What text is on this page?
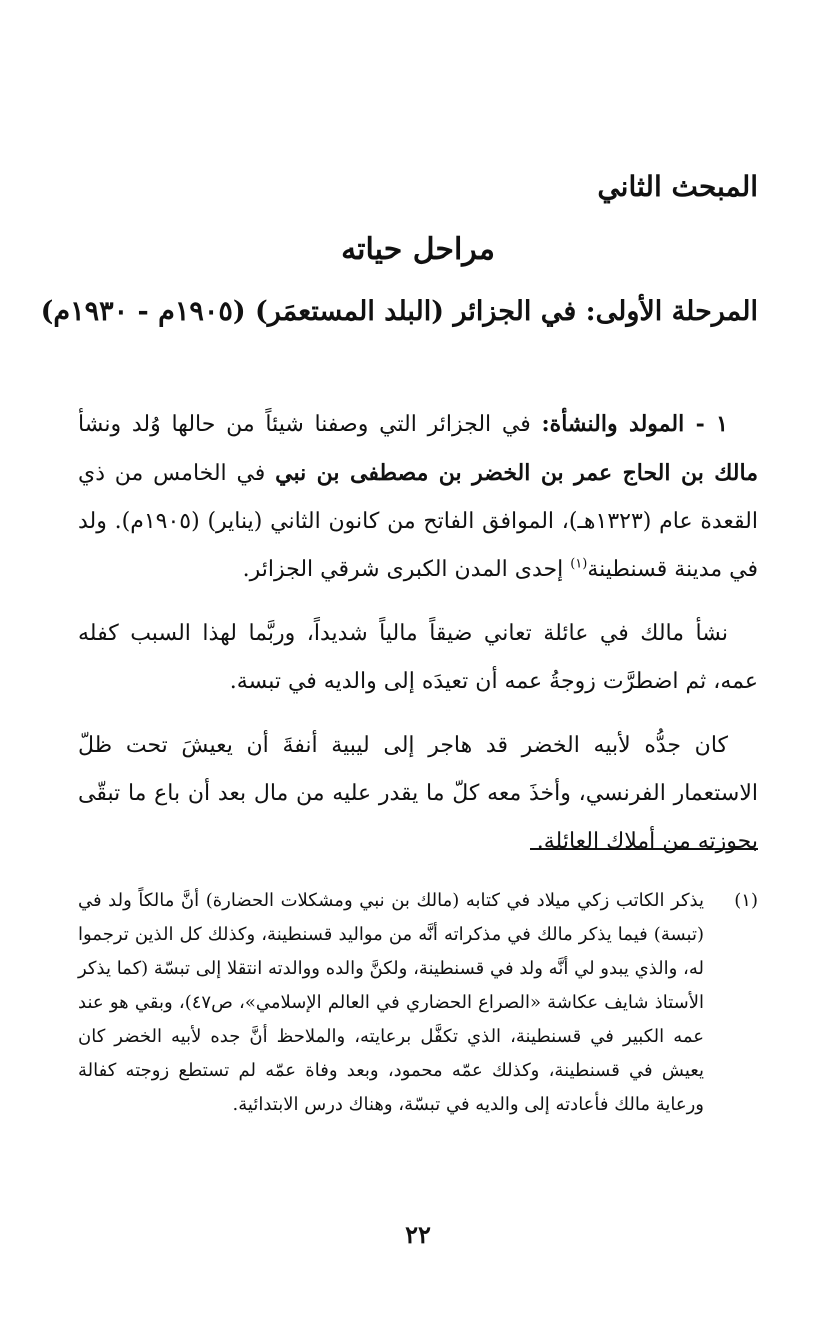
المبحث الثاني
مراحل حياته
المرحلة الأولى: في الجزائر (البلد المستعمَر) (١٩٠٥م - ١٩٣٠م)

١ - المولد والنشأة: في الجزائر التي وصفنا شيئاً من حالها وُلد ونشأ مالك بن الحاج عمر بن الخضر بن مصطفى بن نبي في الخامس من ذي القعدة عام (١٣٢٣هـ)، الموافق الفاتح من كانون الثاني (يناير) (١٩٠٥م). ولد في مدينة قسنطينة$^{(١)}$ إحدى المدن الكبرى شرقي الجزائر.

نشأ مالك في عائلة تعاني ضيقاً مالياً شديداً، وربَّما لهذا السبب كفله عمه، ثم اضطرَّت زوجةُ عمه أن تعيدَه إلى والديه في تبسة.

كان جدُّه لأبيه الخضر قد هاجر إلى ليبية أنفةَ أن يعيشَ تحت ظلّ الاستعمار الفرنسي، وأخذَ معه كلّ ما يقدر عليه من مال بعد أن باع ما تبقّى بحوزته من أملاك العائلة.

(١)
يذكر الكاتب زكي ميلاد في كتابه (مالك بن نبي ومشكلات الحضارة) أنَّ مالكاً ولد في (تبسة) فيما يذكر مالك في مذكراته أنَّه من مواليد قسنطينة، وكذلك كل الذين ترجموا له، والذي يبدو لي أنَّه ولد في قسنطينة، ولكنَّ والده ووالدته انتقلا إلى تبسّة (كما يذكر الأستاذ شايف عكاشة «الصراع الحضاري في العالم الإسلامي»، ص٤٧)، وبقي هو عند عمه الكبير في قسنطينة، الذي تكفَّل برعايته، والملاحظ أنَّ جده لأبيه الخضر كان يعيش في قسنطينة، وكذلك عمّه محمود، وبعد وفاة عمّه لم تستطع زوجته كفالة ورعاية مالك فأعادته إلى والديه في تبسّة، وهناك درس الابتدائية.
٢٢
